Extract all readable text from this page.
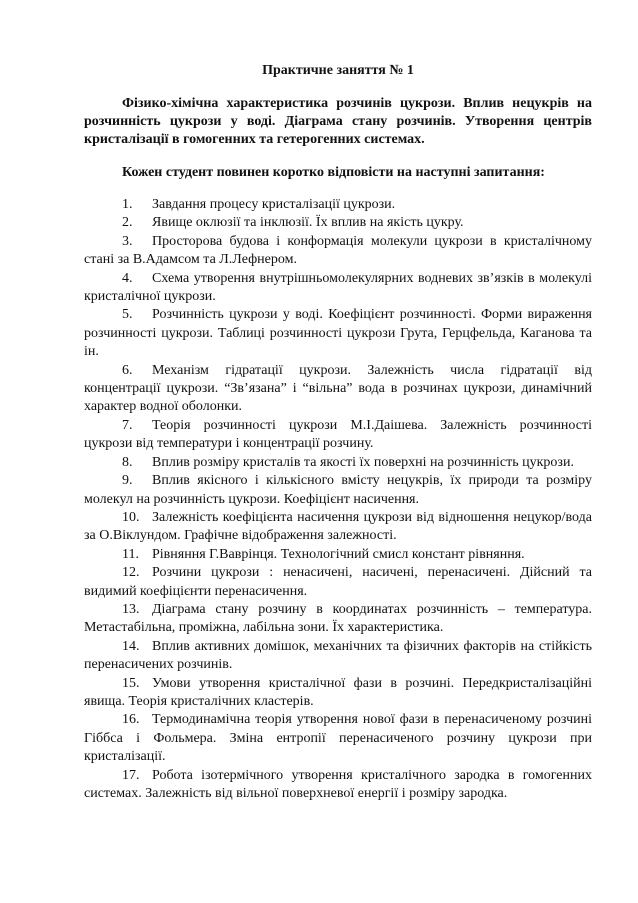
Практичне заняття № 1
Фізико-хімічна характеристика розчинів цукрози. Вплив нецукрів на розчинність цукрози у воді. Діаграма стану розчинів. Утворення центрів кристалізації в гомогенних та гетерогенних системах.
Кожен студент повинен коротко відповісти на наступні запитання:

1. Завдання процесу кристалізації цукрози.

2. Явище оклюзії та інклюзії. Їх вплив на якість цукру.

3. Просторова будова і конформація молекули цукрози в кристалічному стані за В.Адамсом та Л.Лефнером.

4. Схема утворення внутрішньомолекулярних водневих зв’язків в молекулі кристалічної цукрози.

5. Розчинність цукрози у воді. Коефіцієнт розчинності. Форми вираження розчинності цукрози. Таблиці розчинності цукрози Грута, Герцфельда, Каганова та ін.

6. Механізм гідратації цукрози. Залежність числа гідратації від концентрації цукрози. “Зв’язана” і “вільна” вода в розчинах цукрози, динамічний характер водної оболонки.

7. Теорія розчинності цукрози М.І.Даішева. Залежність розчинності цукрози від температури і концентрації розчину.

8. Вплив розміру кристалів та якості їх поверхні на розчинність цукрози.

9. Вплив якісного і кількісного вмісту нецукрів, їх природи та розміру молекул на розчинність цукрози. Коефіцієнт насичення.

10. Залежність коефіцієнта насичення цукрози від відношення нецукор/вода за О.Віклундом. Графічне відображення залежності.

11. Рівняння Г.Ваврінця. Технологічний смисл констант рівняння.

12. Розчини цукрози : ненасичені, насичені, перенасичені. Дійсний та видимий коефіцієнти перенасичення.

13. Діаграма стану розчину в координатах розчинність – температура. Метастабільна, проміжна, лабільна зони. Їх характеристика.

14. Вплив активних домішок, механічних та фізичних факторів на стійкість перенасичених розчинів.

15. Умови утворення кристалічної фази в розчині. Передкристалізаційні явища. Теорія кристалічних кластерів.

16. Термодинамічна теорія утворення нової фази в перенасиченому розчині Гіббса і Фольмера. Зміна ентропії перенасиченого розчину цукрози при кристалізації.

17. Робота ізотермічного утворення кристалічного зародка в гомогенних системах. Залежність від вільної поверхневої енергії і розміру зародка.
